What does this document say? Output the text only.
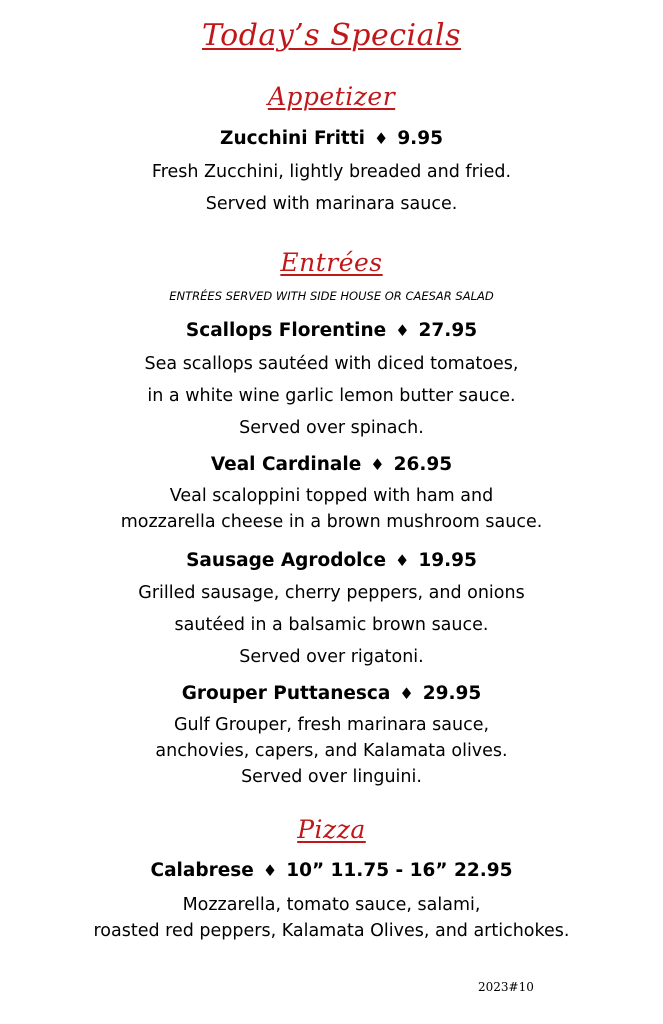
Today’s Specials
Appetizer
Zucchini Fritti ♦ 9.95
Fresh Zucchini, lightly breaded and fried.
Served with marinara sauce.
Entrées
ENTRÉES SERVED WITH SIDE HOUSE OR CAESAR SALAD
Scallops Florentine ♦ 27.95
Sea scallops sautéed with diced tomatoes,
in a white wine garlic lemon butter sauce.
Served over spinach.
Veal Cardinale ♦ 26.95
Veal scaloppini topped with ham and
mozzarella cheese in a brown mushroom sauce.
Sausage Agrodolce ♦ 19.95
Grilled sausage, cherry peppers, and onions
sautéed in a balsamic brown sauce.
Served over rigatoni.
Grouper Puttanesca ♦ 29.95
Gulf Grouper, fresh marinara sauce,
anchovies, capers, and Kalamata olives.
Served over linguini.
Pizza
Calabrese ♦ 10” 11.75 - 16” 22.95
Mozzarella, tomato sauce, salami,
roasted red peppers, Kalamata Olives, and artichokes.
2023#10
